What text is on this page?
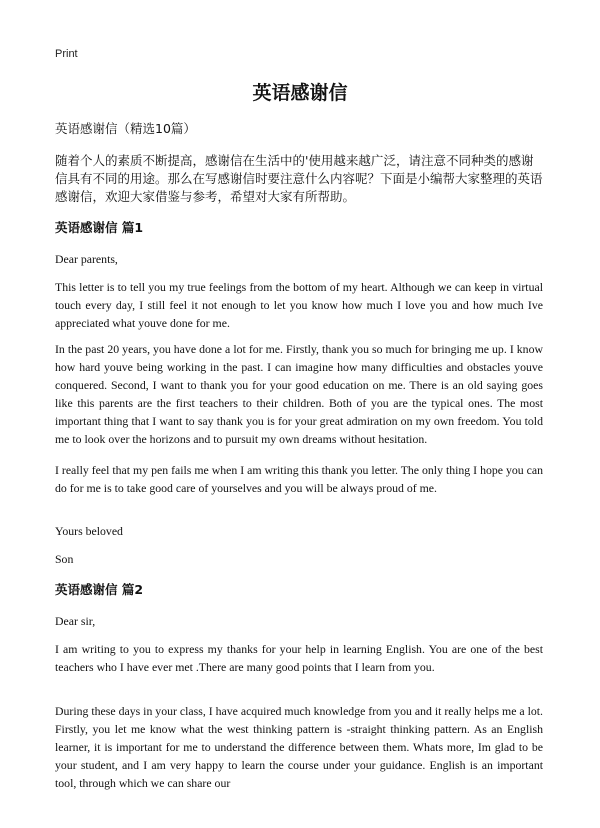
Print
英语感谢信

英语感谢信（精选10篇）

随着个人的素质不断提高，感谢信在生活中的'使用越来越广泛，请注意不同种类的感谢信具有不同的用途。那么在写感谢信时要注意什么内容呢？下面是小编帮大家整理的英语感谢信，欢迎大家借鉴与参考，希望对大家有所帮助。

英语感谢信 篇1

Dear parents,

This letter is to tell you my true feelings from the bottom of my heart. Although we can keep in virtual touch every day, I still feel it not enough to let you know how much I love you and how much Ive appreciated what youve done for me.

In the past 20 years, you have done a lot for me. Firstly, thank you so much for bringing me up. I know how hard youve being working in the past. I can imagine how many difficulties and obstacles youve conquered. Second, I want to thank you for your good education on me. There is an old saying goes like this parents are the first teachers to their children. Both of you are the typical ones. The most important thing that I want to say thank you is for your great admiration on my own freedom. You told me to look over the horizons and to pursuit my own dreams without hesitation.

I really feel that my pen fails me when I am writing this thank you letter. The only thing I hope you can do for me is to take good care of yourselves and you will be always proud of me.

Yours beloved

Son

英语感谢信 篇2

Dear sir,

I am writing to you to express my thanks for your help in learning English. You are one of the best teachers who I have ever met .There are many good points that I learn from you.

During these days in your class, I have acquired much knowledge from you and it really helps me a lot. Firstly, you let me know what the west thinking pattern is -straight thinking pattern. As an English learner, it is important for me to understand the difference between them. Whats more, Im glad to be your student, and I am very happy to learn the course under your guidance. English is an important tool, through which we can share our
